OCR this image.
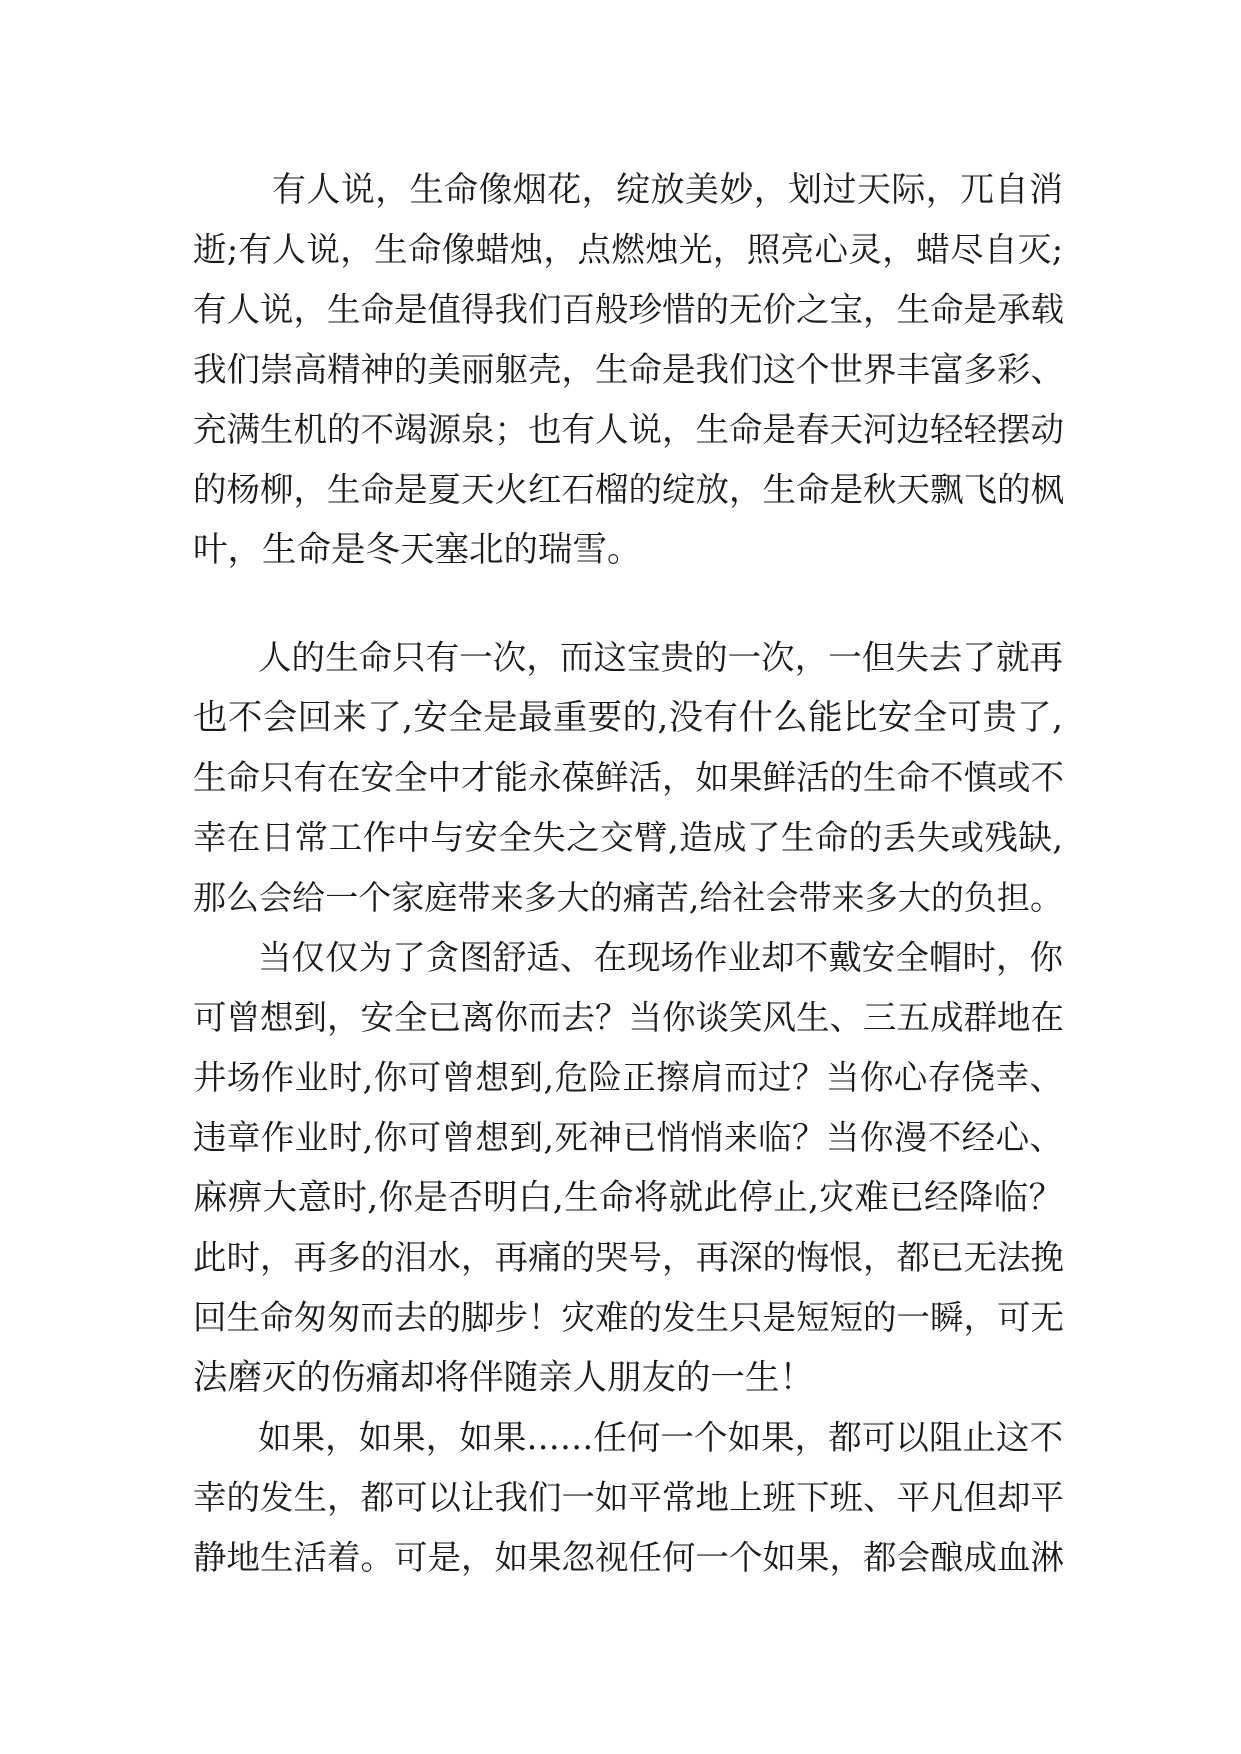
有人说，生命像烟花，绽放美妙，划过天际，兀自消
逝;有人说，生命像蜡烛，点燃烛光，照亮心灵，蜡尽自灭;
有人说，生命是值得我们百般珍惜的无价之宝，生命是承载
我们崇高精神的美丽躯壳，生命是我们这个世界丰富多彩、
充满生机的不竭源泉；也有人说，生命是春天河边轻轻摆动
的杨柳，生命是夏天火红石榴的绽放，生命是秋天飘飞的枫
叶，生命是冬天塞北的瑞雪。
人的生命只有一次，而这宝贵的一次，一但失去了就再
也不会回来了,安全是最重要的,没有什么能比安全可贵了,
生命只有在安全中才能永葆鲜活，如果鲜活的生命不慎或不
幸在日常工作中与安全失之交臂,造成了生命的丢失或残缺,
那么会给一个家庭带来多大的痛苦,给社会带来多大的负担。
当仅仅为了贪图舒适、在现场作业却不戴安全帽时，你
可曾想到，安全已离你而去？当你谈笑风生、三五成群地在
井场作业时,你可曾想到,危险正擦肩而过？当你心存侥幸、
违章作业时,你可曾想到,死神已悄悄来临？当你漫不经心、
麻痹大意时,你是否明白,生命将就此停止,灾难已经降临？
此时，再多的泪水，再痛的哭号，再深的悔恨，都已无法挽
回生命匆匆而去的脚步！灾难的发生只是短短的一瞬，可无
法磨灭的伤痛却将伴随亲人朋友的一生！
如果，如果，如果……任何一个如果，都可以阻止这不
幸的发生，都可以让我们一如平常地上班下班、平凡但却平
静地生活着。可是，如果忽视任何一个如果，都会酿成血淋
